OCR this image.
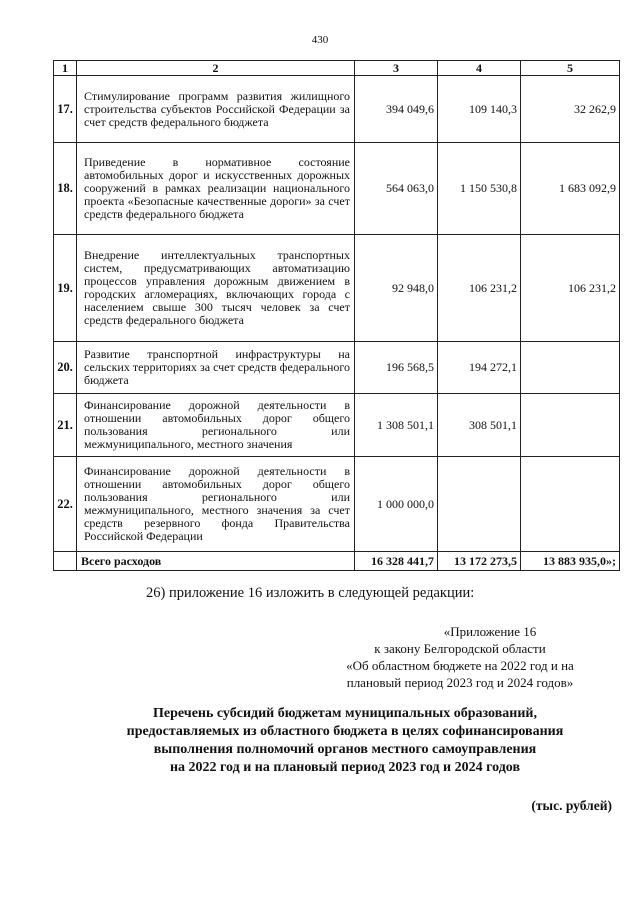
430
1	2	3	4	5
17.	Стимулирование программ развития жилищного строительства субъектов Российской Федерации за счет средств федерального бюджета	394 049,6	109 140,3	32 262,9
18.	Приведение в нормативное состояние автомобильных дорог и искусственных дорожных сооружений в рамках реализации национального проекта «Безопасные качественные дороги» за счет средств федерального бюджета	564 063,0	1 150 530,8	1 683 092,9
19.	Внедрение интеллектуальных транспортных систем, предусматривающих автоматизацию процессов управления дорожным движением в городских агломерациях, включающих города с населением свыше 300 тысяч человек за счет средств федерального бюджета	92 948,0	106 231,2	106 231,2
20.	Развитие транспортной инфраструктуры на сельских территориях за счет средств федерального бюджета	196 568,5	194 272,1	
21.	Финансирование дорожной деятельности в отношении автомобильных дорог общего пользования регионального или межмуниципального, местного значения	1 308 501,1	308 501,1	
22.	Финансирование дорожной деятельности в отношении автомобильных дорог общего пользования регионального или межмуниципального, местного значения за счет средств резервного фонда Правительства Российской Федерации	1 000 000,0		
	Всего расходов	16 328 441,7	13 172 273,5	13 883 935,0»;
26) приложение 16 изложить в следующей редакции:
«Приложение 16
к закону Белгородской области
«Об областном бюджете на 2022 год и на
плановый период 2023 год и 2024 годов»
Перечень субсидий бюджетам муниципальных образований,
предоставляемых из областного бюджета в целях софинансирования
выполнения полномочий органов местного самоуправления
на 2022 год и на плановый период 2023 год и 2024 годов
(тыс. рублей)
